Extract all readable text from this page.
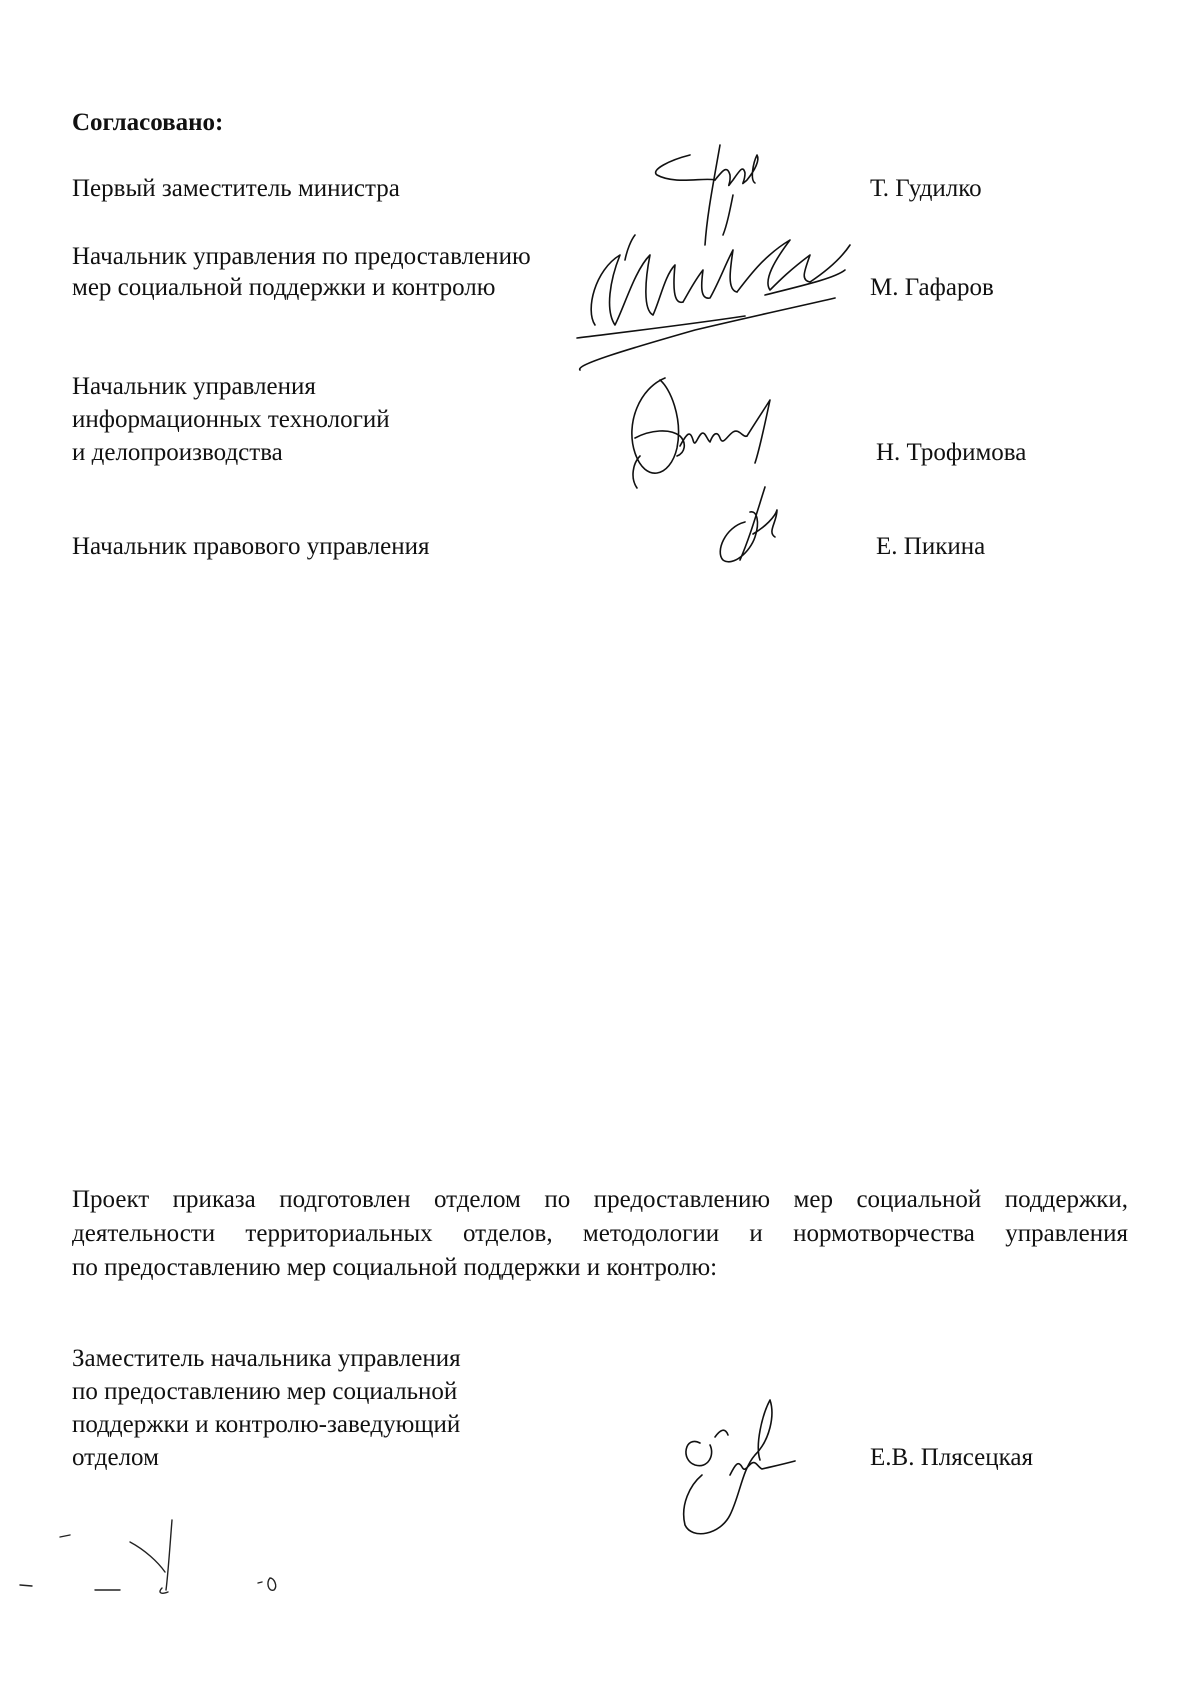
Согласовано:
Первый заместитель министра	Т. Гудилко
Начальник управления по предоставлению
мер социальной поддержки и контролю	М. Гафаров
Начальник управления
информационных технологий
и делопроизводства	Н. Трофимова
Начальник правового управления	Е. Пикина
Проект приказа подготовлен отделом по предоставлению мер социальной поддержки,
деятельности территориальных отделов, методологии и нормотворчества управления
по предоставлению мер социальной поддержки и контролю:
Заместитель начальника управления
по предоставлению мер социальной
поддержки и контролю-заведующий
отделом	Е.В. Плясецкая
